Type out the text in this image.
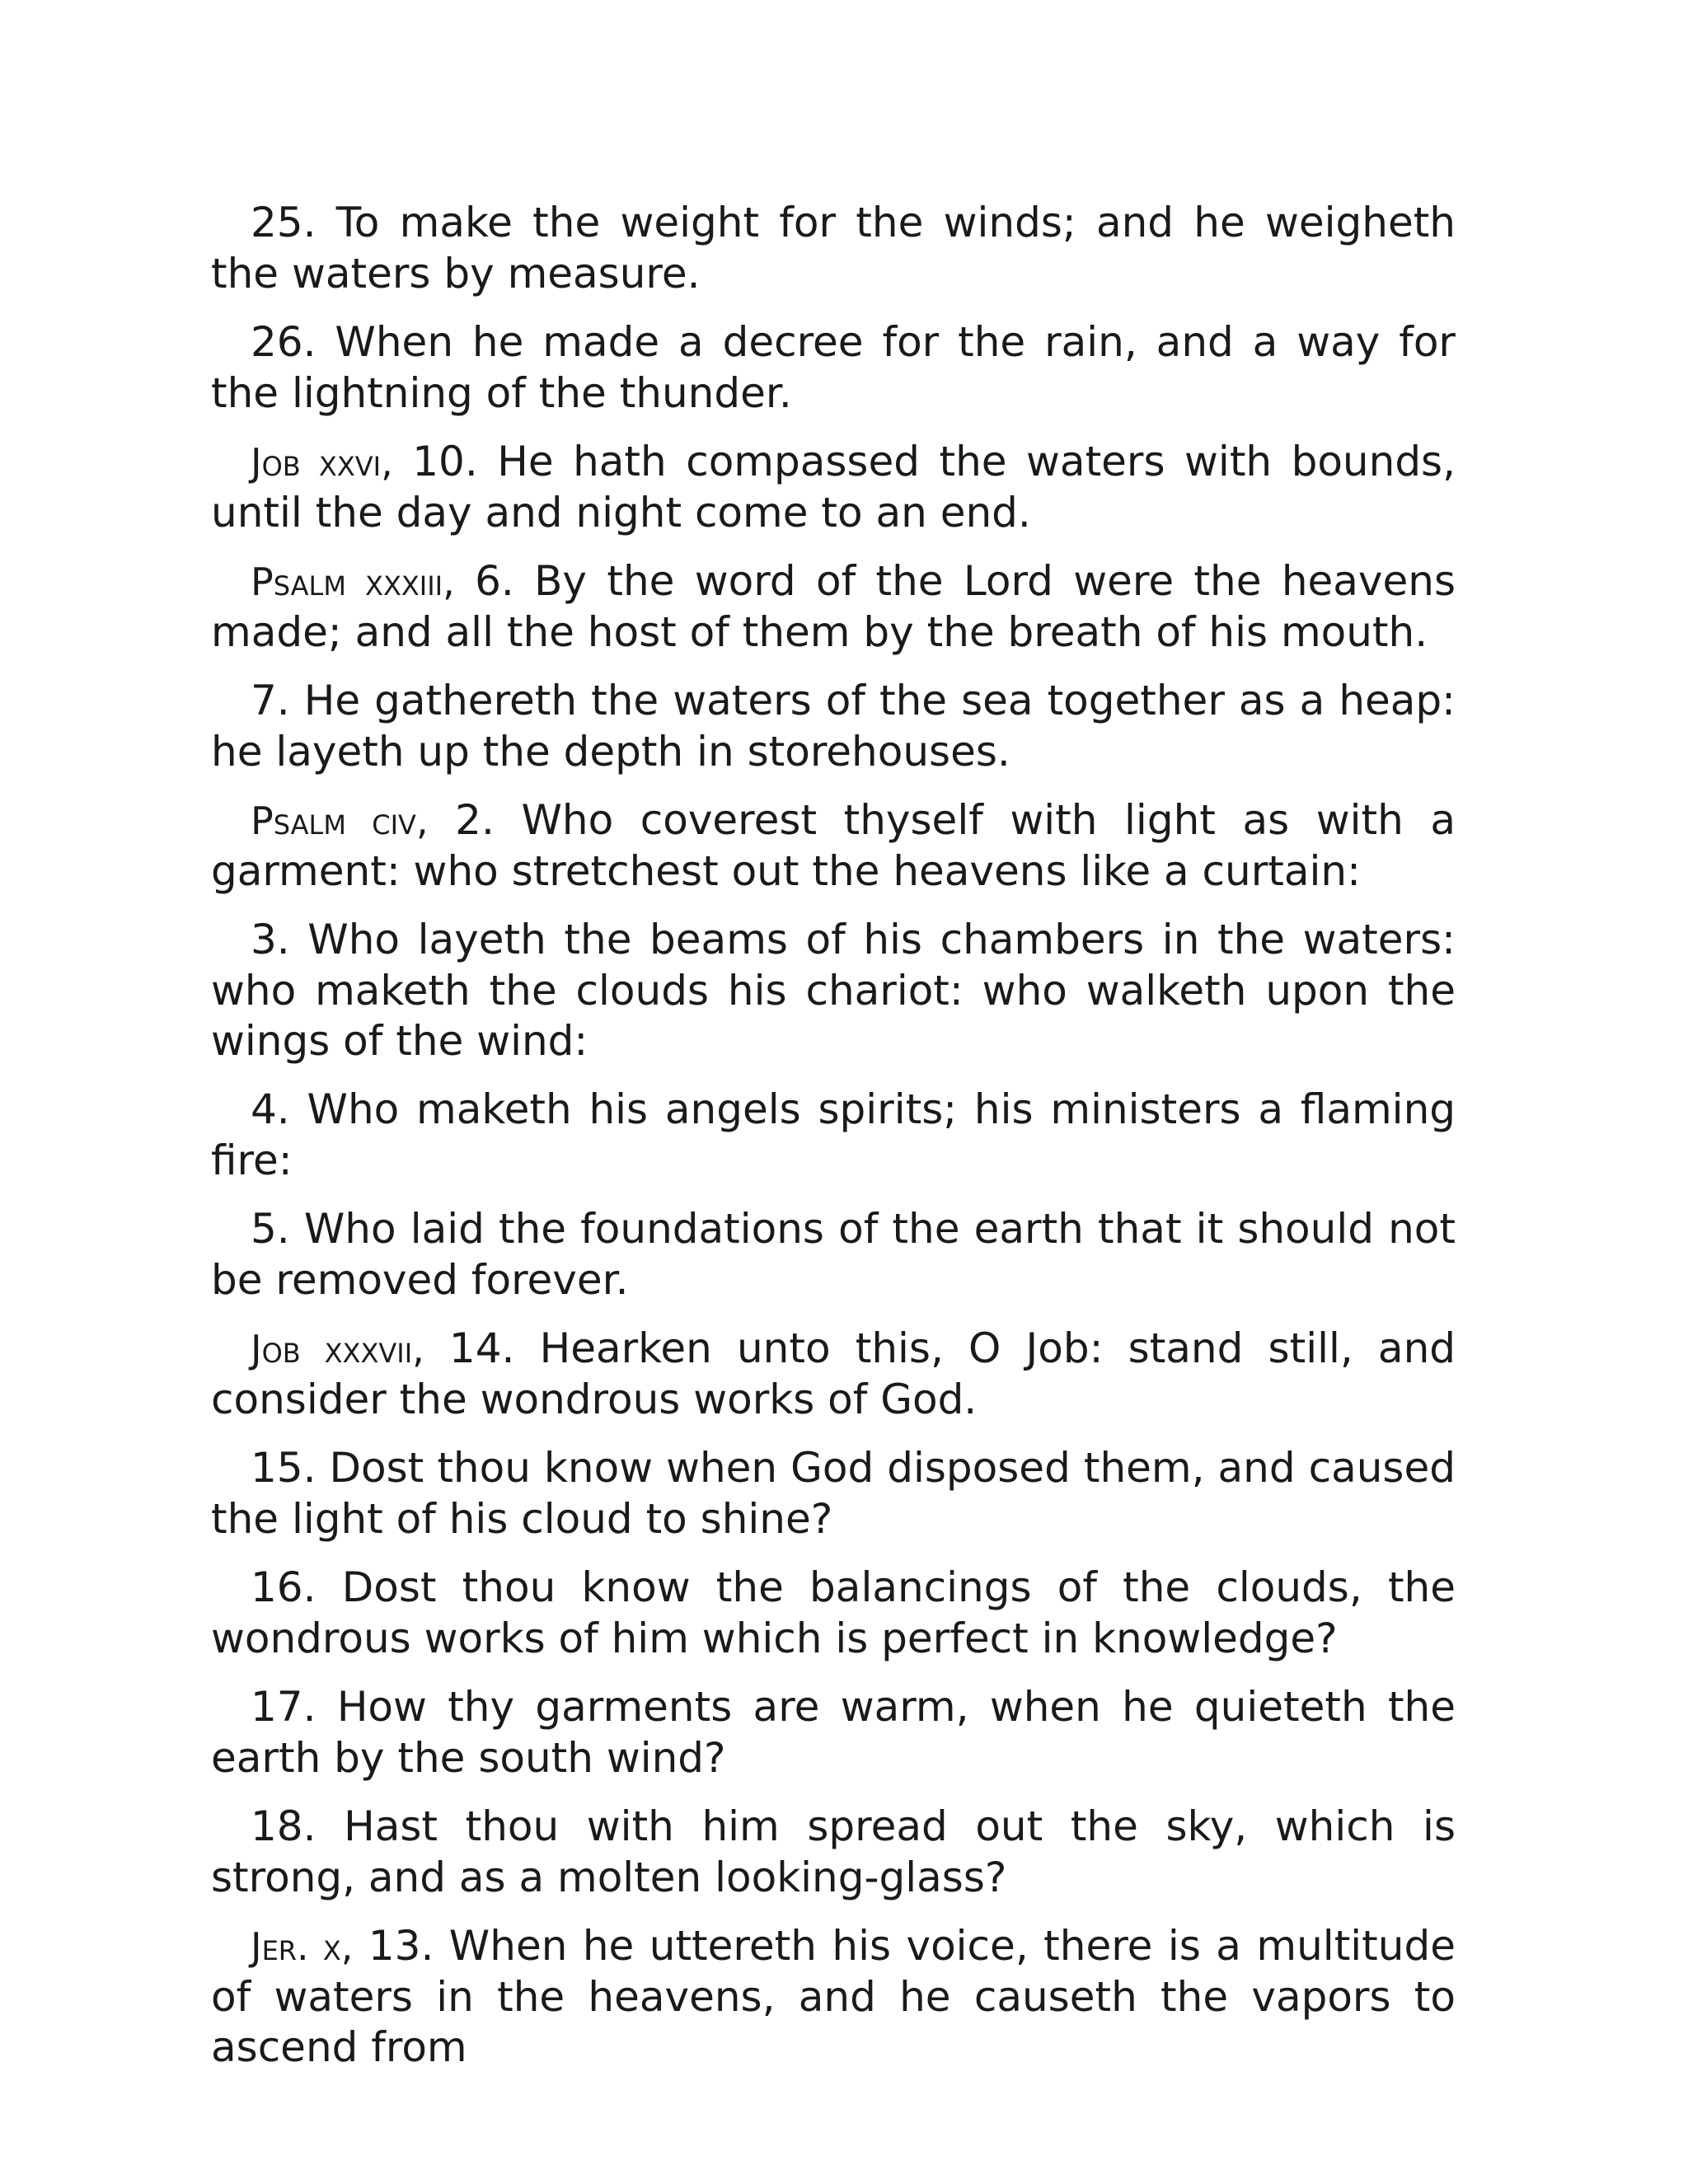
25. To make the weight for the winds; and he weigheth the waters by measure.

26. When he made a decree for the rain, and a way for the lightning of the thunder.

Job xxvi, 10. He hath compassed the waters with bounds, until the day and night come to an end.

Psalm xxxiii, 6. By the word of the Lord were the heavens made; and all the host of them by the breath of his mouth.

7. He gathereth the waters of the sea together as a heap: he layeth up the depth in storehouses.

Psalm civ, 2. Who coverest thyself with light as with a garment: who stretchest out the heavens like a curtain:

3. Who layeth the beams of his chambers in the waters: who maketh the clouds his chariot: who walketh upon the wings of the wind:

4. Who maketh his angels spirits; his ministers a flaming fire:

5. Who laid the foundations of the earth that it should not be removed forever.

Job xxxvii, 14. Hearken unto this, O Job: stand still, and consider the wondrous works of God.

15. Dost thou know when God disposed them, and caused the light of his cloud to shine?

16. Dost thou know the balancings of the clouds, the wondrous works of him which is perfect in knowledge?

17. How thy garments are warm, when he quieteth the earth by the south wind?

18. Hast thou with him spread out the sky, which is strong, and as a molten looking-glass?

Jer. x, 13. When he uttereth his voice, there is a multitude of waters in the heavens, and he causeth the vapors to ascend from
